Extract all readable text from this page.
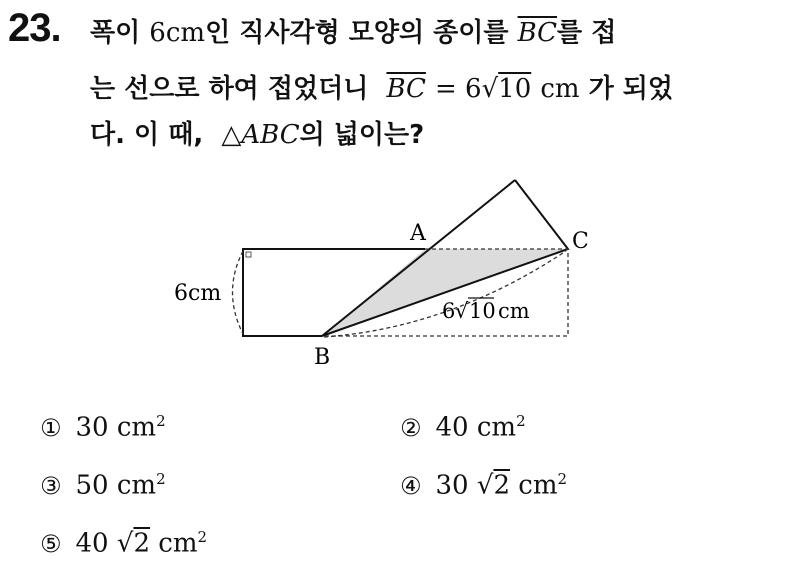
23. 폭이 6cm인 직사각형 모양의 종이를 $\overline{BC}$를 접
는 선으로 하여 접었더니 $\overline{BC} = 6√10$ cm 가 되었
다. 이 때, △ABC의 넓이는?
A
B
C
6cm
6 √ 10 cm
① 30 $cm^2$	② 40 $cm^2$
③ 50 $cm^2$	④ 30 √2 $cm^2$
⑤ 40 √2 $cm^2$
